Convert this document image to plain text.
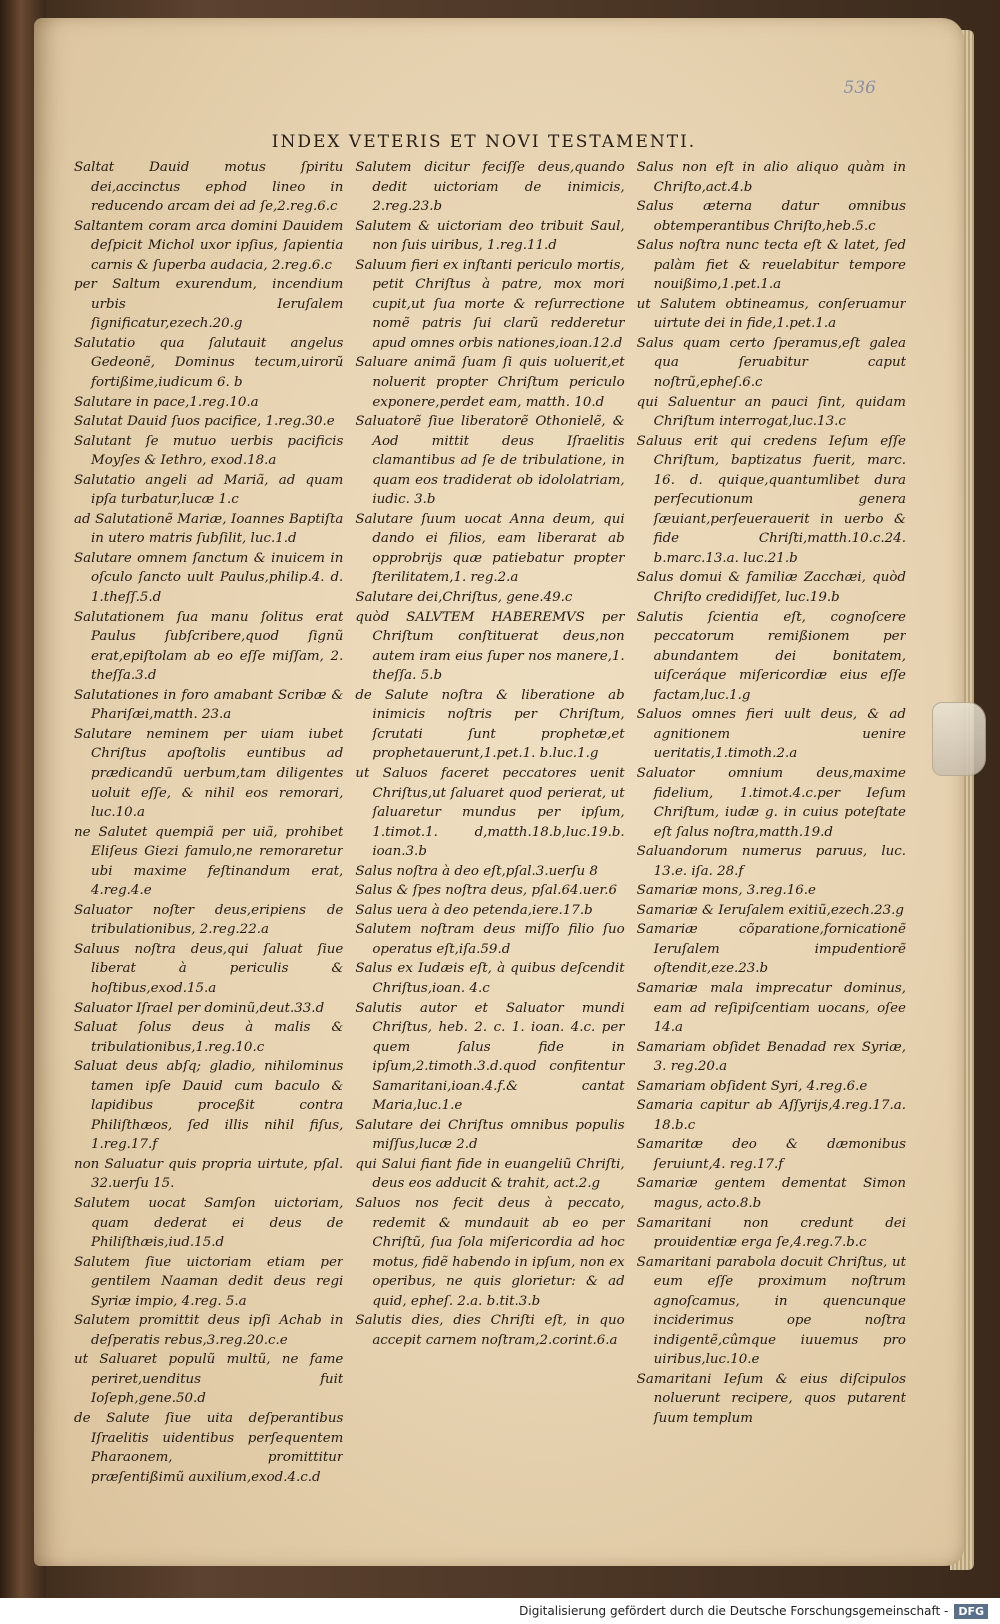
536
INDEX VETERIS ET NOVI TESTAMENTI.

Saltat Dauid motus ſpiritu dei,accinctus ephod lineo in reducendo arcam dei ad ſe,2.reg.6.c

Saltantem coram arca domini Dauidem deſpicit Michol uxor ipſius, ſapientia carnis & ſuperba audacia, 2.reg.6.c

per Saltum exurendum, incendium urbis Ieruſalem ſignificatur,ezech.20.g

Salutatio qua ſalutauit angelus Gedeonẽ, Dominus tecum,uirorũ fortißime,iudicum 6. b

Salutare in pace,1.reg.10.a

Salutat Dauid ſuos pacifice, 1.reg.30.e

Salutant ſe mutuo uerbis pacificis Moyſes & Iethro, exod.18.a

Salutatio angeli ad Mariã, ad quam ipſa turbatur,lucæ 1.c

ad Salutationẽ Mariæ, Ioannes Baptiſta in utero matris ſubſilit, luc.1.d

Salutare omnem ſanctum & inuicem in oſculo ſancto uult Paulus,philip.4. d. 1.theſſ.5.d

Salutationem ſua manu ſolitus erat Paulus ſubſcribere,quod ſignũ erat,epiſtolam ab eo eſſe miſſam, 2. theſſa.3.d

Salutationes in foro amabant Scribæ & Phariſæi,matth. 23.a

Salutare neminem per uiam iubet Chriſtus apoſtolis euntibus ad prædicandũ uerbum,tam diligentes uoluit eſſe, & nihil eos remorari, luc.10.a

ne Salutet quempiã per uiã, prohibet Eliſeus Giezi famulo,ne remoraretur ubi maxime feſtinandum erat, 4.reg.4.e

Saluator noſter deus,eripiens de tribulationibus, 2.reg.22.a

Saluus noſtra deus,qui ſaluat ſiue liberat à periculis & hoſtibus,exod.15.a

Saluator Iſrael per dominũ,deut.33.d

Saluat ſolus deus à malis & tribulationibus,1.reg.10.c

Saluat deus abſq; gladio, nihilominus tamen ipſe Dauid cum baculo & lapidibus proceßit contra Philiſthæos, ſed illis nihil fiſus, 1.reg.17.f

non Saluatur quis propria uirtute, pſal. 32.uerſu 15.

Salutem uocat Samſon uictoriam, quam dederat ei deus de Philiſthæis,iud.15.d

Salutem ſiue uictoriam etiam per gentilem Naaman dedit deus regi Syriæ impio, 4.reg. 5.a

Salutem promittit deus ipſi Achab in deſperatis rebus,3.reg.20.c.e

ut Saluaret populũ multũ, ne fame periret,uenditus fuit Ioſeph,gene.50.d

de Salute ſiue uita deſperantibus Iſraelitis uidentibus perſequentem Pharaonem, promittitur præſentißimũ auxilium,exod.4.c.d

Salutem dicitur feciſſe deus,quando dedit uictoriam de inimicis, 2.reg.23.b

Salutem & uictoriam deo tribuit Saul, non ſuis uiribus, 1.reg.11.d

Saluum fieri ex inſtanti periculo mortis, petit Chriſtus à patre, mox mori cupit,ut ſua morte & reſurrectione nomẽ patris ſui clarũ redderetur apud omnes orbis nationes,ioan.12.d

Saluare animã ſuam ſi quis uoluerit,et noluerit propter Chriſtum periculo exponere,perdet eam, matth. 10.d

Saluatorẽ ſiue liberatorẽ Othonielẽ, & Aod mittit deus Iſraelitis clamantibus ad ſe de tribulatione, in quam eos tradiderat ob idololatriam, iudic. 3.b

Salutare ſuum uocat Anna deum, qui dando ei filios, eam liberarat ab opprobrijs quæ patiebatur propter ſterilitatem,1. reg.2.a

Salutare dei,Chriſtus, gene.49.c

quòd SALVTEM HABEREMVS per Chriſtum conſtituerat deus,non autem iram eius ſuper nos manere,1. theſſa. 5.b

de Salute noſtra & liberatione ab inimicis noſtris per Chriſtum, ſcrutati ſunt prophetæ,et prophetauerunt,1.pet.1. b.luc.1.g

ut Saluos faceret peccatores uenit Chriſtus,ut ſaluaret quod perierat, ut ſaluaretur mundus per ipſum, 1.timot.1. d,matth.18.b,luc.19.b. ioan.3.b

Salus noſtra à deo eſt,pſal.3.uerſu 8

Salus & ſpes noſtra deus, pſal.64.uer.6

Salus uera à deo petenda,iere.17.b

Salutem noſtram deus miſſo filio ſuo operatus eſt,iſa.59.d

Salus ex Iudæis eſt, à quibus deſcendit Chriſtus,ioan. 4.c

Salutis autor et Saluator mundi Chriſtus, heb. 2. c. 1. ioan. 4.c. per quem ſalus fide in ipſum,2.timoth.3.d.quod confitentur Samaritani,ioan.4.f.& cantat Maria,luc.1.e

Salutare dei Chriſtus omnibus populis miſſus,lucæ 2.d

qui Salui fiant fide in euangeliũ Chriſti, deus eos adducit & trahit, act.2.g

Saluos nos fecit deus à peccato, redemit & mundauit ab eo per Chriſtũ, ſua ſola miſericordia ad hoc motus, fidẽ habendo in ipſum, non ex operibus, ne quis glorietur: & ad quid, epheſ. 2.a. b.tit.3.b

Salutis dies, dies Chriſti eſt, in quo accepit carnem noſtram,2.corint.6.a

Salus non eſt in alio aliquo quàm in Chriſto,act.4.b

Salus æterna datur omnibus obtemperantibus Chriſto,heb.5.c

Salus noſtra nunc tecta eſt & latet, ſed palàm fiet & reuelabitur tempore nouißimo,1.pet.1.a

ut Salutem obtineamus, conſeruamur uirtute dei in fide,1.pet.1.a

Salus quam certo ſperamus,eſt galea qua ſeruabitur caput noſtrũ,epheſ.6.c

qui Saluentur an pauci ſint, quidam Chriſtum interrogat,luc.13.c

Saluus erit qui credens Ieſum eſſe Chriſtum, baptizatus fuerit, marc. 16. d. quique,quantumlibet dura perſecutionum genera ſæuiant,perſeuerauerit in uerbo & fide Chriſti,matth.10.c.24. b.marc.13.a. luc.21.b

Salus domui & familiæ Zacchæi, quòd Chriſto credidiſſet, luc.19.b

Salutis ſcientia eſt, cognoſcere peccatorum remißionem per abundantem dei bonitatem, uiſceráque miſericordiæ eius eſſe factam,luc.1.g

Saluos omnes fieri uult deus, & ad agnitionem uenire ueritatis,1.timoth.2.a

Saluator omnium deus,maxime fidelium, 1.timot.4.c.per Ieſum Chriſtum, iudæ g. in cuius poteſtate eſt ſalus noſtra,matth.19.d

Saluandorum numerus paruus, luc. 13.e. iſa. 28.f

Samariæ mons, 3.reg.16.e

Samariæ & Ieruſalem exitiũ,ezech.23.g

Samariæ cõparatione,fornicationẽ Ieruſalem impudentiorẽ oſtendit,eze.23.b

Samariæ mala imprecatur dominus, eam ad reſipiſcentiam uocans, oſee 14.a

Samariam obſidet Benadad rex Syriæ, 3. reg.20.a

Samariam obſident Syri, 4.reg.6.e

Samaria capitur ab Aſſyrijs,4.reg.17.a. 18.b.c

Samaritæ deo & dæmonibus ſeruiunt,4. reg.17.f

Samariæ gentem dementat Simon magus, acto.8.b

Samaritani non credunt dei prouidentiæ erga ſe,4.reg.7.b.c

Samaritani parabola docuit Chriſtus, ut eum eſſe proximum noſtrum agnoſcamus, in quencunque inciderimus ope noſtra indigentẽ,cûmque iuuemus pro uiribus,luc.10.e

Samaritani Ieſum & eius diſcipulos noluerunt recipere, quos putarent ſuum templum

Digitalisierung gefördert durch die Deutsche Forschungsgemeinschaft - DFG
